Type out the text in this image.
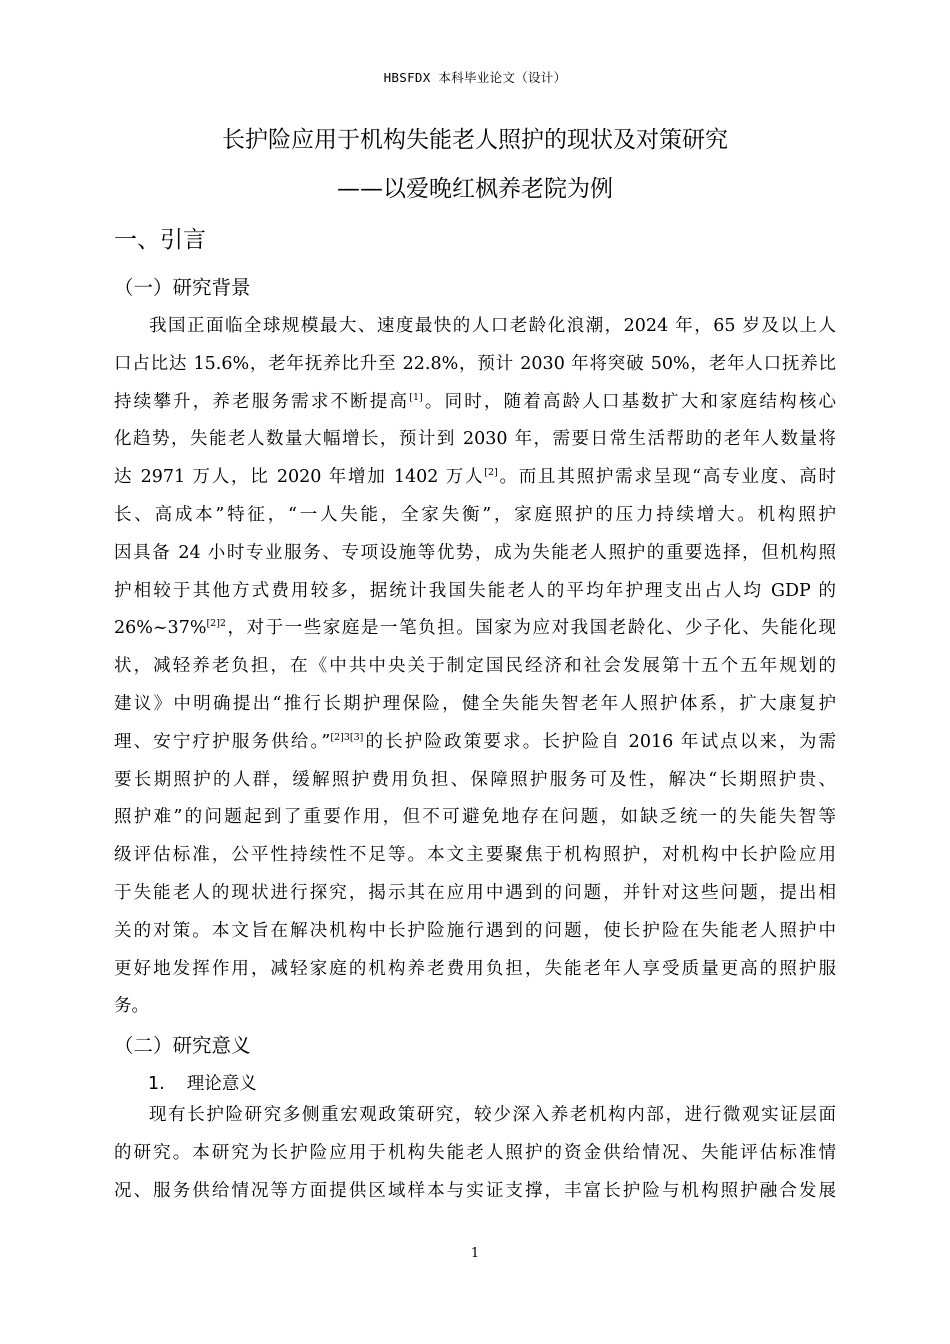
HBSFDX 本科毕业论文（设计）
长护险应用于机构失能老人照护的现状及对策研究
——以爱晚红枫养老院为例
一、引言
（一）研究背景
我国正面临全球规模最大、速度最快的人口老龄化浪潮，2024 年，65 岁及以上人
口占比达 15.6%，老年抚养比升至 22.8%，预计 2030 年将突破 50%，老年人口抚养比
持续攀升，养老服务需求不断提高[1]。同时，随着高龄人口基数扩大和家庭结构核心
化趋势，失能老人数量大幅增长，预计到 2030 年，需要日常生活帮助的老年人数量将
达 2971 万人，比 2020 年增加 1402 万人[2]。而且其照护需求呈现“高专业度、高时
长、高成本”特征，“一人失能，全家失衡”，家庭照护的压力持续增大。机构照护
因具备 24 小时专业服务、专项设施等优势，成为失能老人照护的重要选择，但机构照
护相较于其他方式费用较多，据统计我国失能老人的平均年护理支出占人均 GDP 的
26%~37%$^{[2]2}$，对于一些家庭是一笔负担。国家为应对我国老龄化、少子化、失能化现
状，减轻养老负担，在《中共中央关于制定国民经济和社会发展第十五个五年规划的
建议》中明确提出“推行长期护理保险，健全失能失智老年人照护体系，扩大康复护
理、安宁疗护服务供给。”[2]3[3]的长护险政策要求。长护险自 2016 年试点以来，为需
要长期照护的人群，缓解照护费用负担、保障照护服务可及性，解决“长期照护贵、
照护难”的问题起到了重要作用，但不可避免地存在问题，如缺乏统一的失能失智等
级评估标准，公平性持续性不足等。本文主要聚焦于机构照护，对机构中长护险应用
于失能老人的现状进行探究，揭示其在应用中遇到的问题，并针对这些问题，提出相
关的对策。本文旨在解决机构中长护险施行遇到的问题，使长护险在失能老人照护中
更好地发挥作用，减轻家庭的机构养老费用负担，失能老年人享受质量更高的照护服
务。
（二）研究意义
1. 理论意义
现有长护险研究多侧重宏观政策研究，较少深入养老机构内部，进行微观实证层面
的研究。本研究为长护险应用于机构失能老人照护的资金供给情况、失能评估标准情
况、服务供给情况等方面提供区域样本与实证支撑，丰富长护险与机构照护融合发展
1
